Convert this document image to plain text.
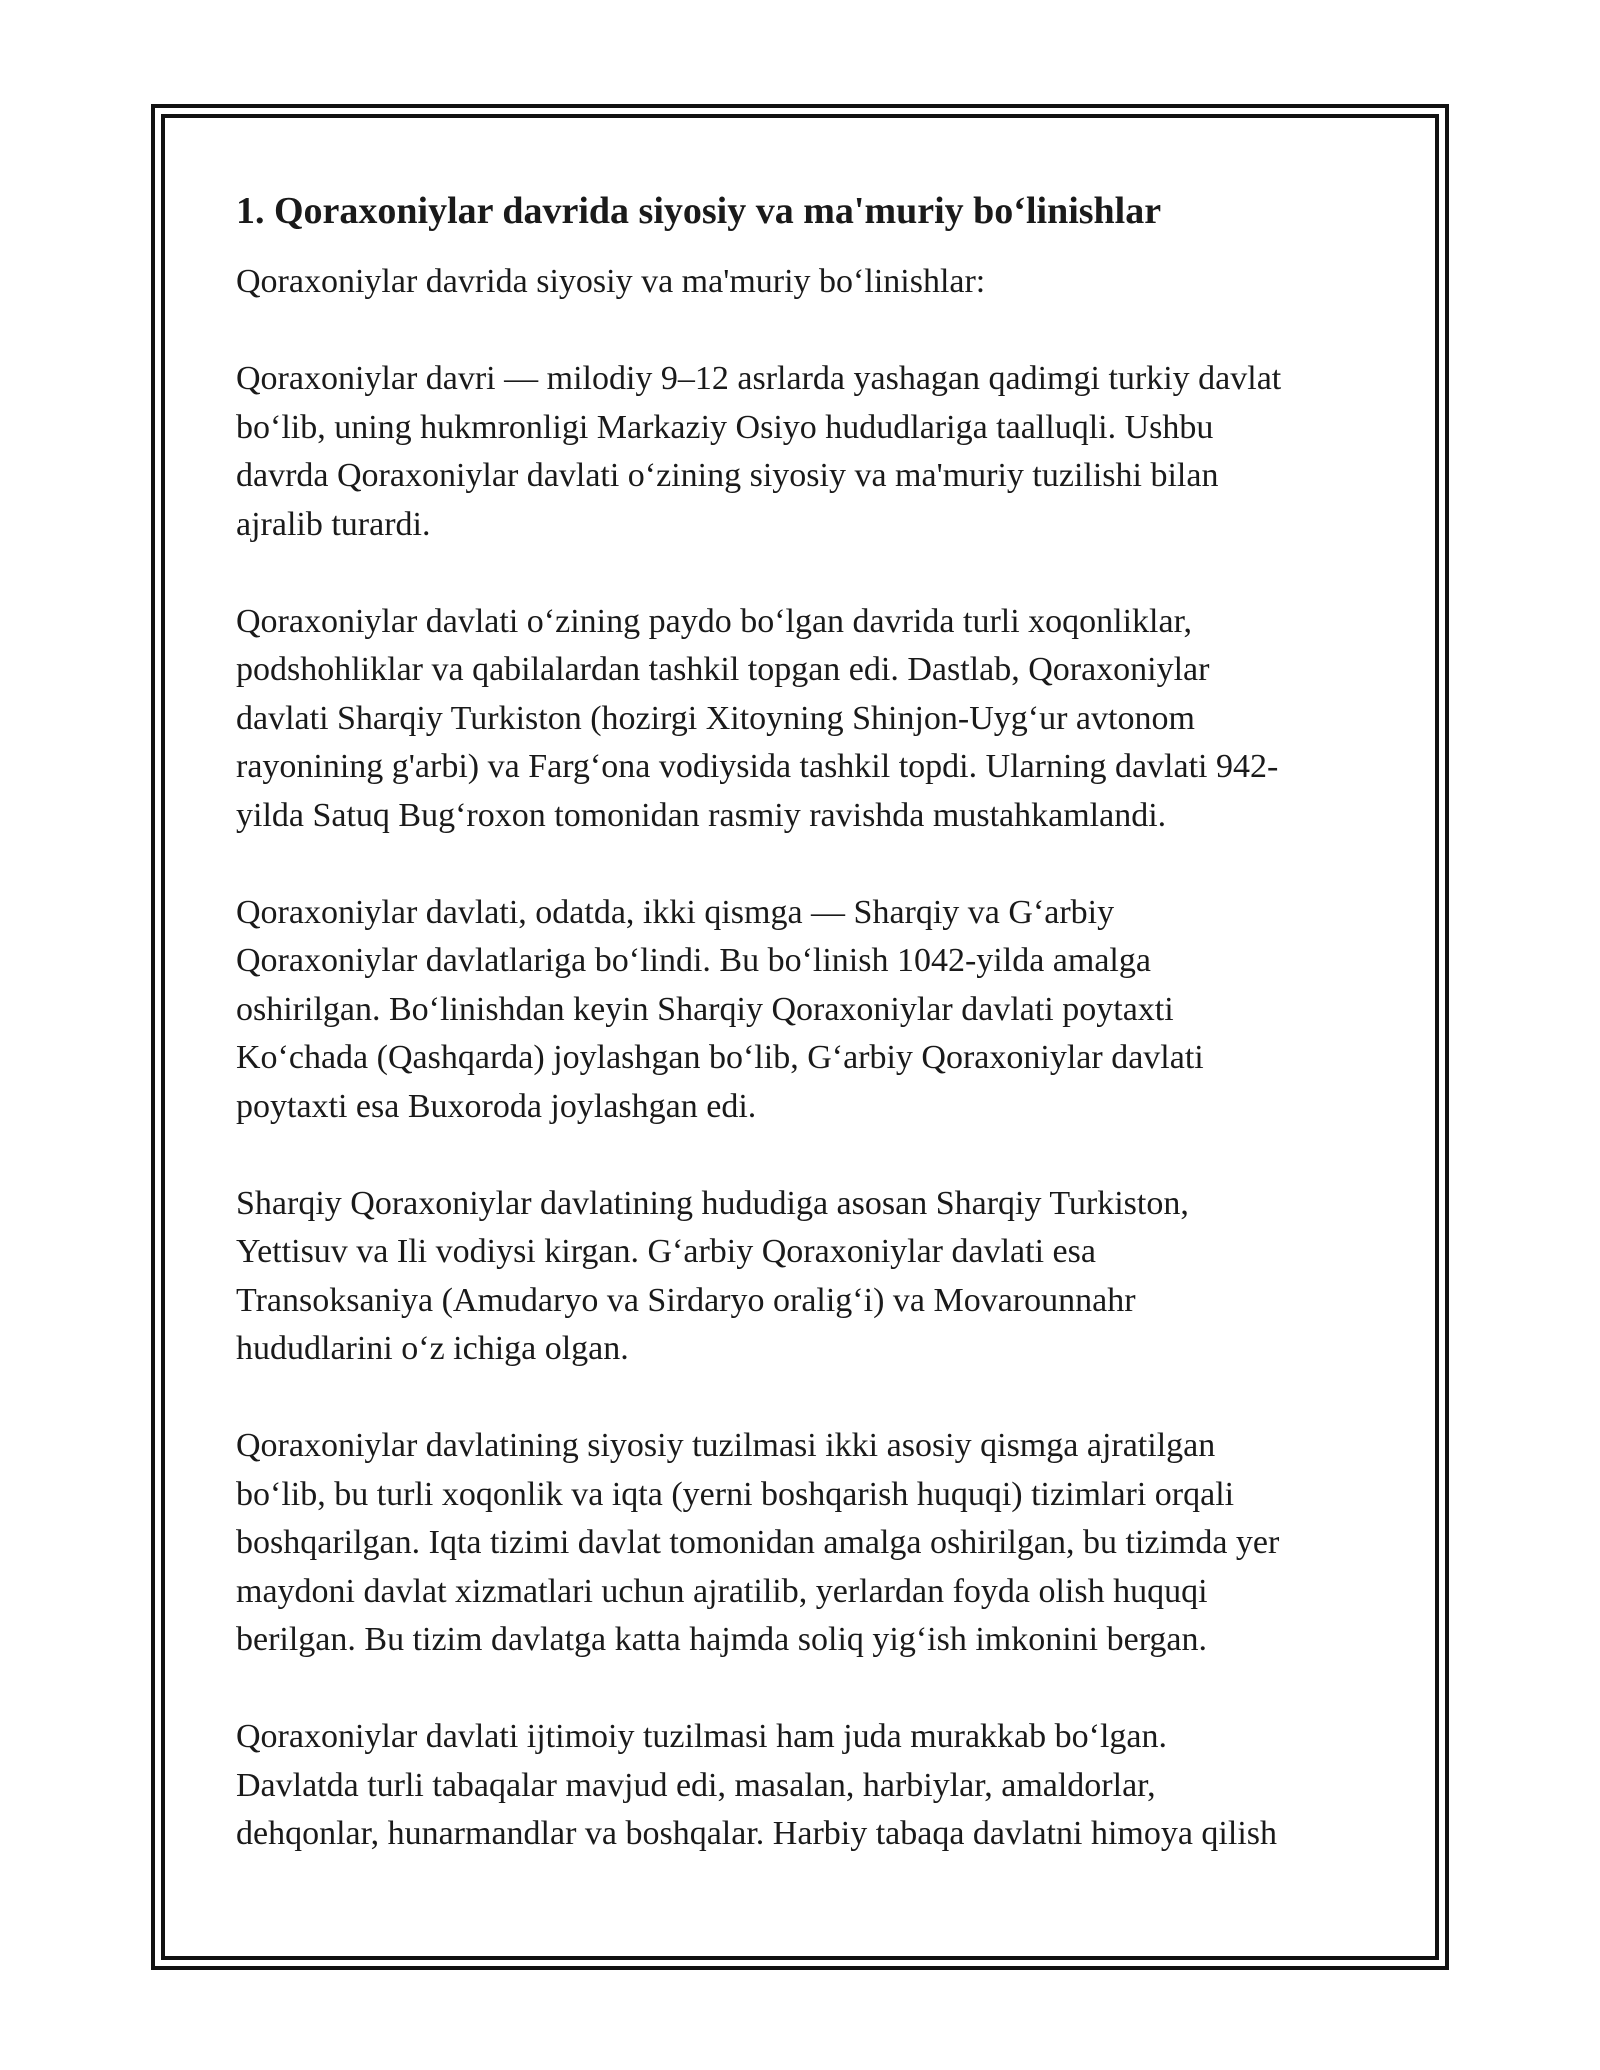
1. Qoraxoniylar davrida siyosiy va ma'muriy bo‘linishlar
Qoraxoniylar davrida siyosiy va ma'muriy bo‘linishlar:
Qoraxoniylar davri — milodiy 9–12 asrlarda yashagan qadimgi turkiy davlat
bo‘lib, uning hukmronligi Markaziy Osiyo hududlariga taalluqli. Ushbu
davrda Qoraxoniylar davlati o‘zining siyosiy va ma'muriy tuzilishi bilan
ajralib turardi.
Qoraxoniylar davlati o‘zining paydo bo‘lgan davrida turli xoqonliklar,
podshohliklar va qabilalardan tashkil topgan edi. Dastlab, Qoraxoniylar
davlati Sharqiy Turkiston (hozirgi Xitoyning Shinjon-Uyg‘ur avtonom
rayonining g'arbi) va Farg‘ona vodiysida tashkil topdi. Ularning davlati 942-
yilda Satuq Bug‘roxon tomonidan rasmiy ravishda mustahkamlandi.
Qoraxoniylar davlati, odatda, ikki qismga — Sharqiy va G‘arbiy
Qoraxoniylar davlatlariga bo‘lindi. Bu bo‘linish 1042-yilda amalga
oshirilgan. Bo‘linishdan keyin Sharqiy Qoraxoniylar davlati poytaxti
Ko‘chada (Qashqarda) joylashgan bo‘lib, G‘arbiy Qoraxoniylar davlati
poytaxti esa Buxoroda joylashgan edi.
Sharqiy Qoraxoniylar davlatining hududiga asosan Sharqiy Turkiston,
Yettisuv va Ili vodiysi kirgan. G‘arbiy Qoraxoniylar davlati esa
Transoksaniya (Amudaryo va Sirdaryo oralig‘i) va Movarounnahr
hududlarini o‘z ichiga olgan.
Qoraxoniylar davlatining siyosiy tuzilmasi ikki asosiy qismga ajratilgan
bo‘lib, bu turli xoqonlik va iqta (yerni boshqarish huquqi) tizimlari orqali
boshqarilgan. Iqta tizimi davlat tomonidan amalga oshirilgan, bu tizimda yer
maydoni davlat xizmatlari uchun ajratilib, yerlardan foyda olish huquqi
berilgan. Bu tizim davlatga katta hajmda soliq yig‘ish imkonini bergan.
Qoraxoniylar davlati ijtimoiy tuzilmasi ham juda murakkab bo‘lgan.
Davlatda turli tabaqalar mavjud edi, masalan, harbiylar, amaldorlar,
dehqonlar, hunarmandlar va boshqalar. Harbiy tabaqa davlatni himoya qilish
